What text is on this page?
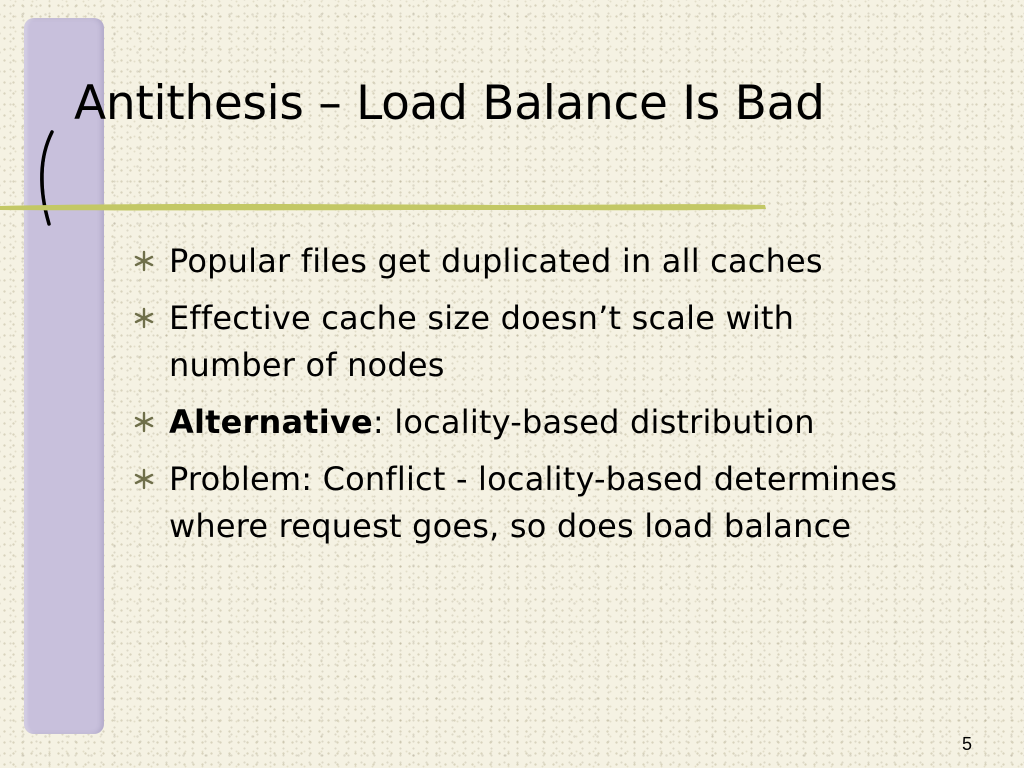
Antithesis – Load Balance Is Bad
Popular files get duplicated in all caches
Effective cache size doesn’t scale with number of nodes
Alternative: locality-based distribution
Problem: Conflict - locality-based determines where request goes, so does load balance
5
